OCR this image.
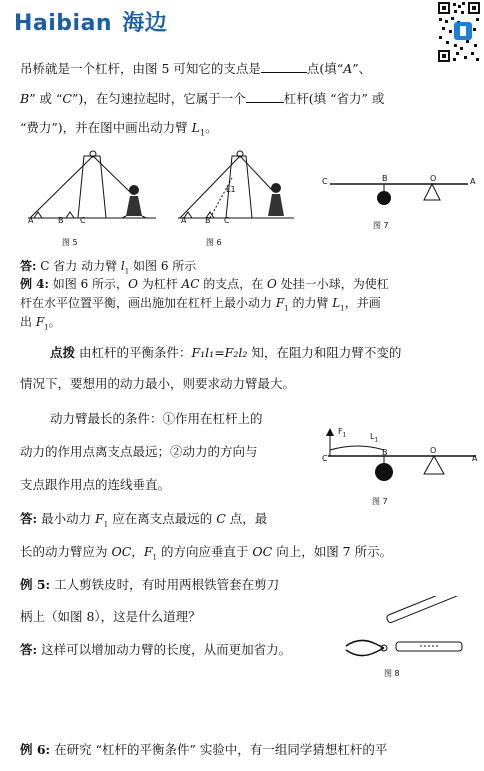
Haibian 海边
吊桥就是一个杠杆，由图 5 可知它的支点是	点(填“A”、
B” 或 “C”)，在匀速拉起时，它属于一个	杠杆(填 “省力” 或
“费力”)，并在图中画出动力臂 $L_1$。
A	B C
图 5
L1
A B C
图 6
C	B	O	A
图 7
答: C 省力 动力臂 $l_1$ 如图 6 所示
例 4: 如图 6 所示，O 为杠杆 AC 的支点，在 O 处挂一小球，为使杠
杆在水平位置平衡，画出施加在杠杆上最小动力 $F_1$ 的力臂 $L_1$，并画
出 $F_1$。
点拨 由杠杆的平衡条件：F₁l₁=F₂l₂ 知，在阻力和阻力臂不变的
情况下，要想用的动力最小，则要求动力臂最大。
动力臂最长的条件：①作用在杠杆上的
动力的作用点离支点最远；②动力的方向与
支点跟作用点的连线垂直。
$F_1$	$L_1$
C
B	O
A
图 7
答: 最小动力 $F_1$ 应在离支点最远的 C 点，最
长的动力臂应为 OC，$F_1$ 的方向应垂直于 OC 向上，如图 7 所示。
例 5: 工人剪铁皮时，有时用两根铁管套在剪刀
柄上（如图 8），这是什么道理？
图 8
答: 这样可以增加动力臂的长度，从而更加省力。
例 6: 在研究 “杠杆的平衡条件” 实验中，有一组同学猜想杠杆的平
